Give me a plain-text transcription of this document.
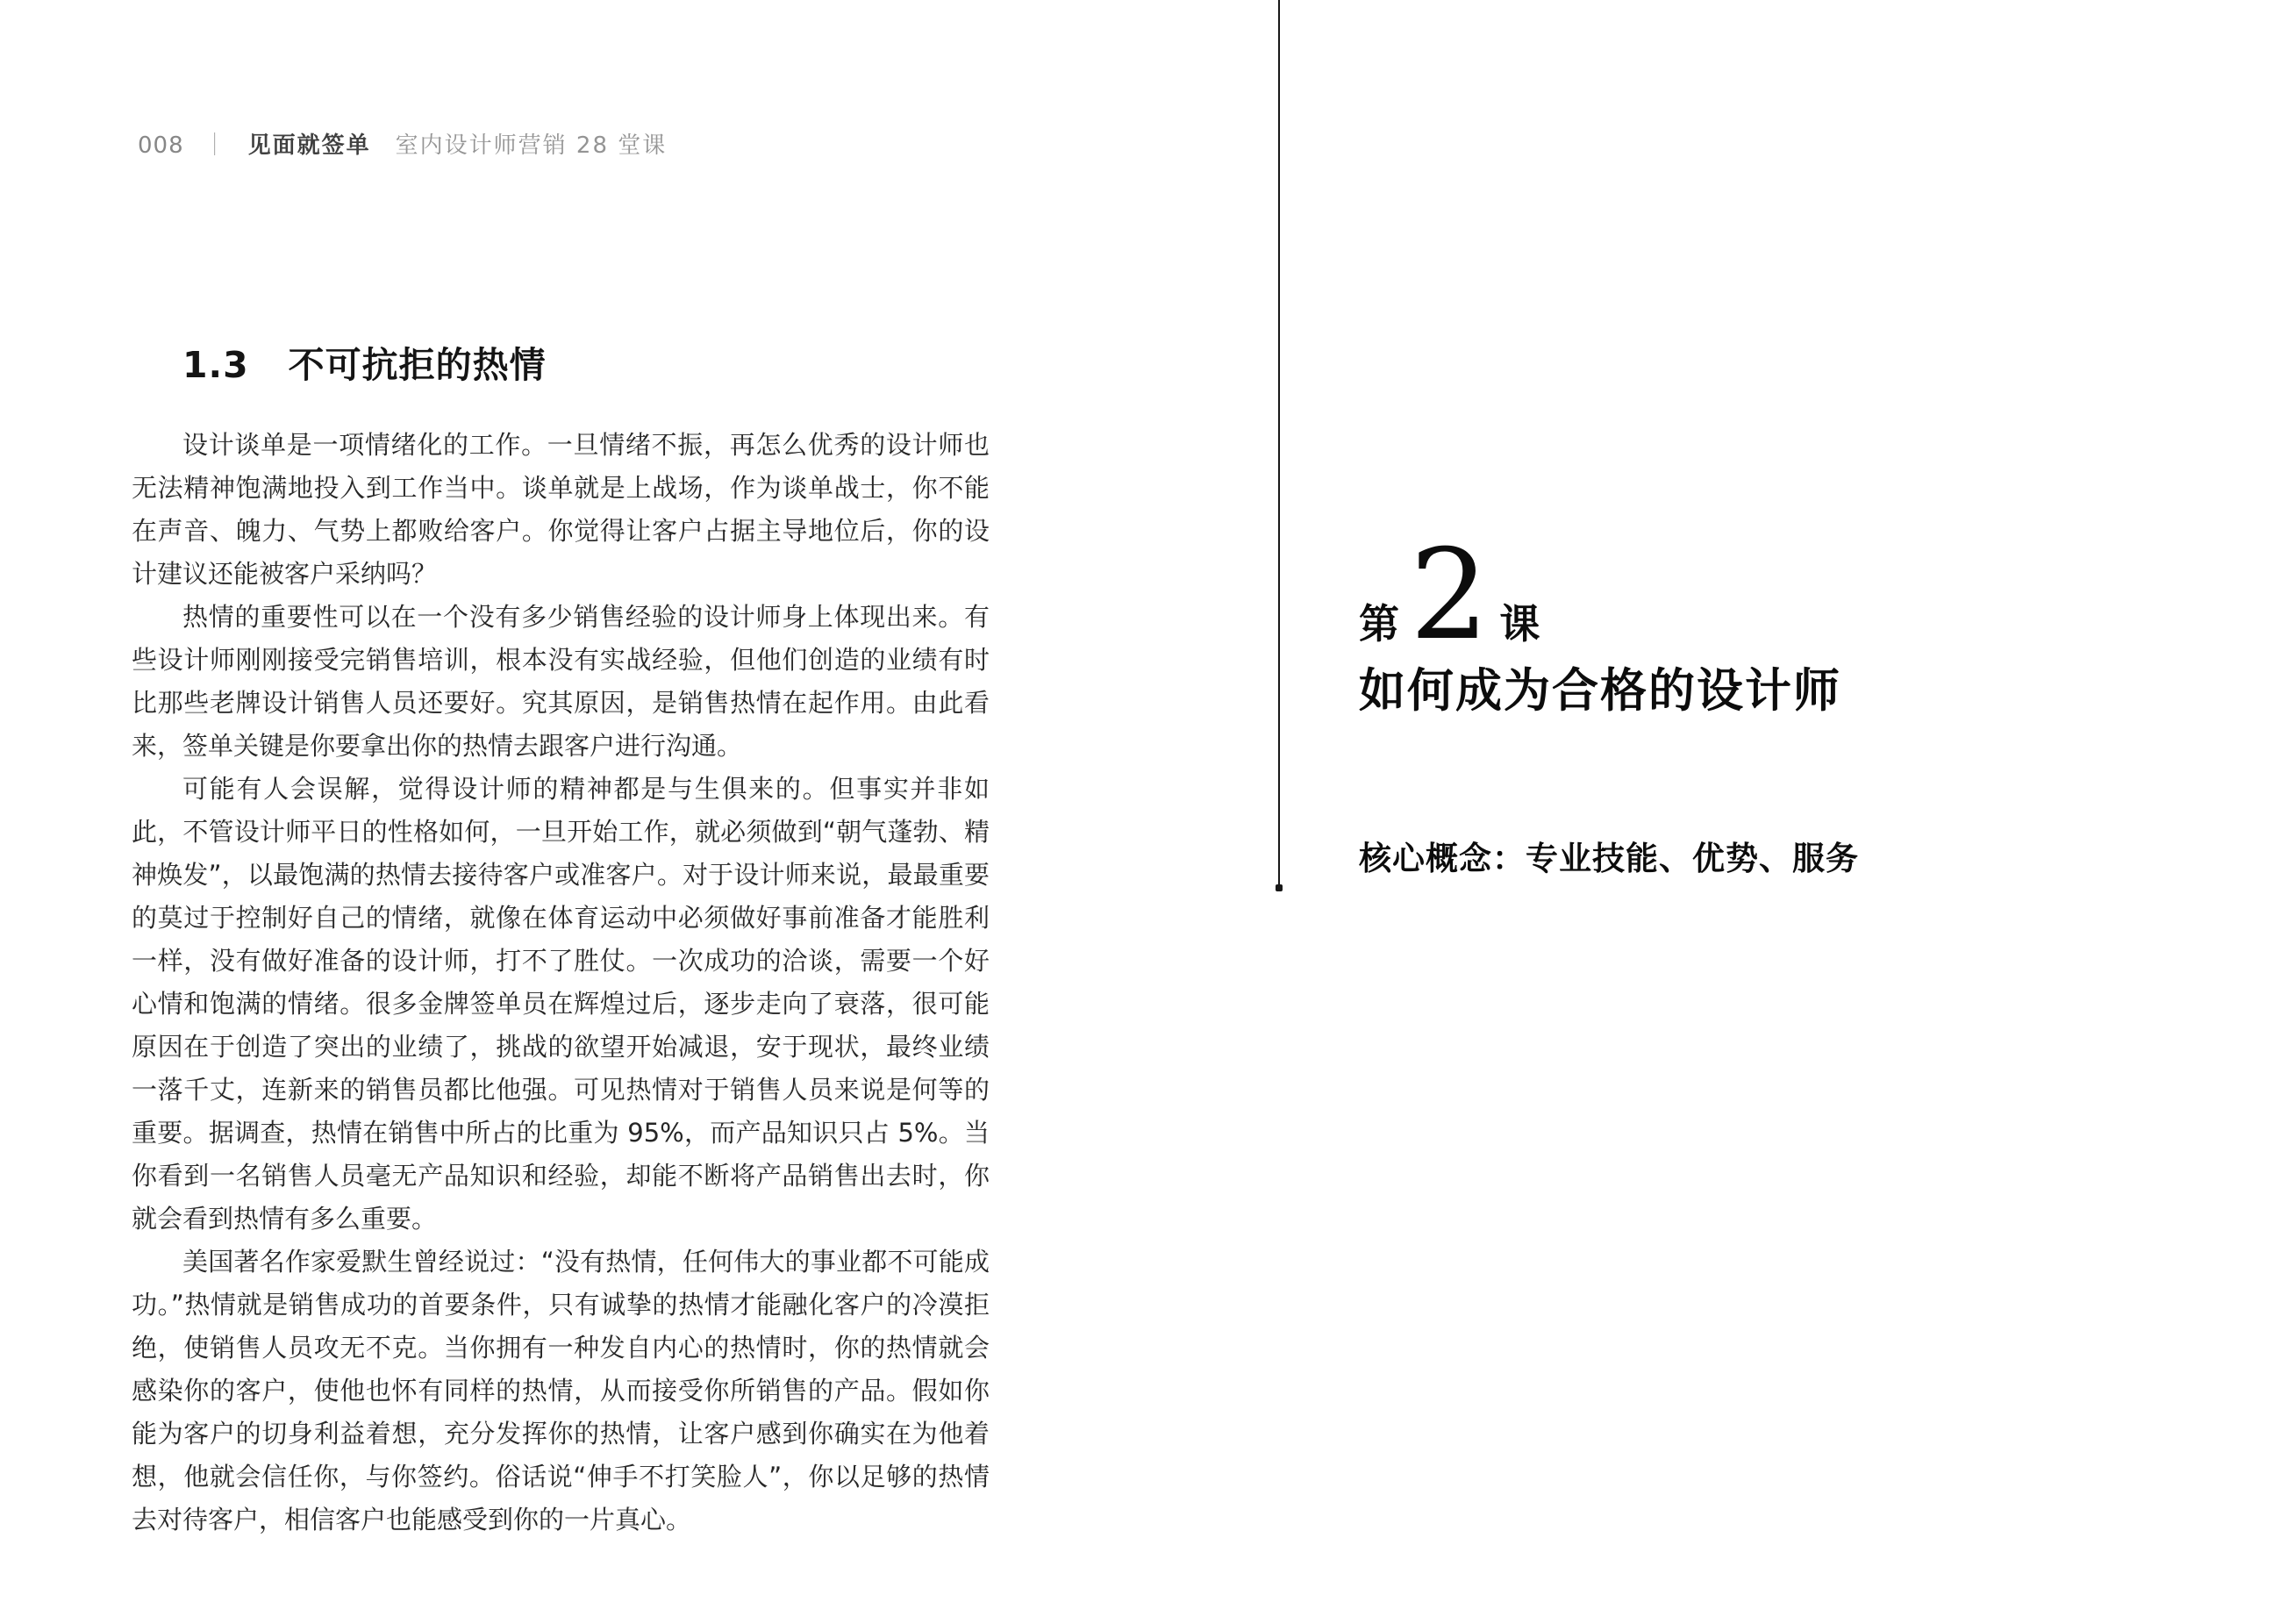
008 ｜ 见面就签单 室内设计师营销 28 堂课
1.3 不可抗拒的热情

设计谈单是一项情绪化的工作。一旦情绪不振，再怎么优秀的设计师也无法精神饱满地投入到工作当中。谈单就是上战场，作为谈单战士，你不能在声音、魄力、气势上都败给客户。你觉得让客户占据主导地位后，你的设计建议还能被客户采纳吗？

热情的重要性可以在一个没有多少销售经验的设计师身上体现出来。有些设计师刚刚接受完销售培训，根本没有实战经验，但他们创造的业绩有时比那些老牌设计销售人员还要好。究其原因，是销售热情在起作用。由此看来，签单关键是你要拿出你的热情去跟客户进行沟通。

可能有人会误解，觉得设计师的精神都是与生俱来的。但事实并非如此，不管设计师平日的性格如何，一旦开始工作，就必须做到“朝气蓬勃、精神焕发”，以最饱满的热情去接待客户或准客户。对于设计师来说，最最重要的莫过于控制好自己的情绪，就像在体育运动中必须做好事前准备才能胜利一样，没有做好准备的设计师，打不了胜仗。一次成功的洽谈，需要一个好心情和饱满的情绪。很多金牌签单员在辉煌过后，逐步走向了衰落，很可能原因在于创造了突出的业绩了，挑战的欲望开始减退，安于现状，最终业绩一落千丈，连新来的销售员都比他强。可见热情对于销售人员来说是何等的重要。据调查，热情在销售中所占的比重为 95%，而产品知识只占 5%。当你看到一名销售人员毫无产品知识和经验，却能不断将产品销售出去时，你就会看到热情有多么重要。

美国著名作家爱默生曾经说过：“没有热情，任何伟大的事业都不可能成功。”热情就是销售成功的首要条件，只有诚挚的热情才能融化客户的冷漠拒绝，使销售人员攻无不克。当你拥有一种发自内心的热情时，你的热情就会感染你的客户，使他也怀有同样的热情，从而接受你所销售的产品。假如你能为客户的切身利益着想，充分发挥你的热情，让客户感到你确实在为他着想，他就会信任你，与你签约。俗话说“伸手不打笑脸人”，你以足够的热情去对待客户，相信客户也能感受到你的一片真心。

第2 课
如何成为合格的设计师
核心概念：专业技能、优势、服务
